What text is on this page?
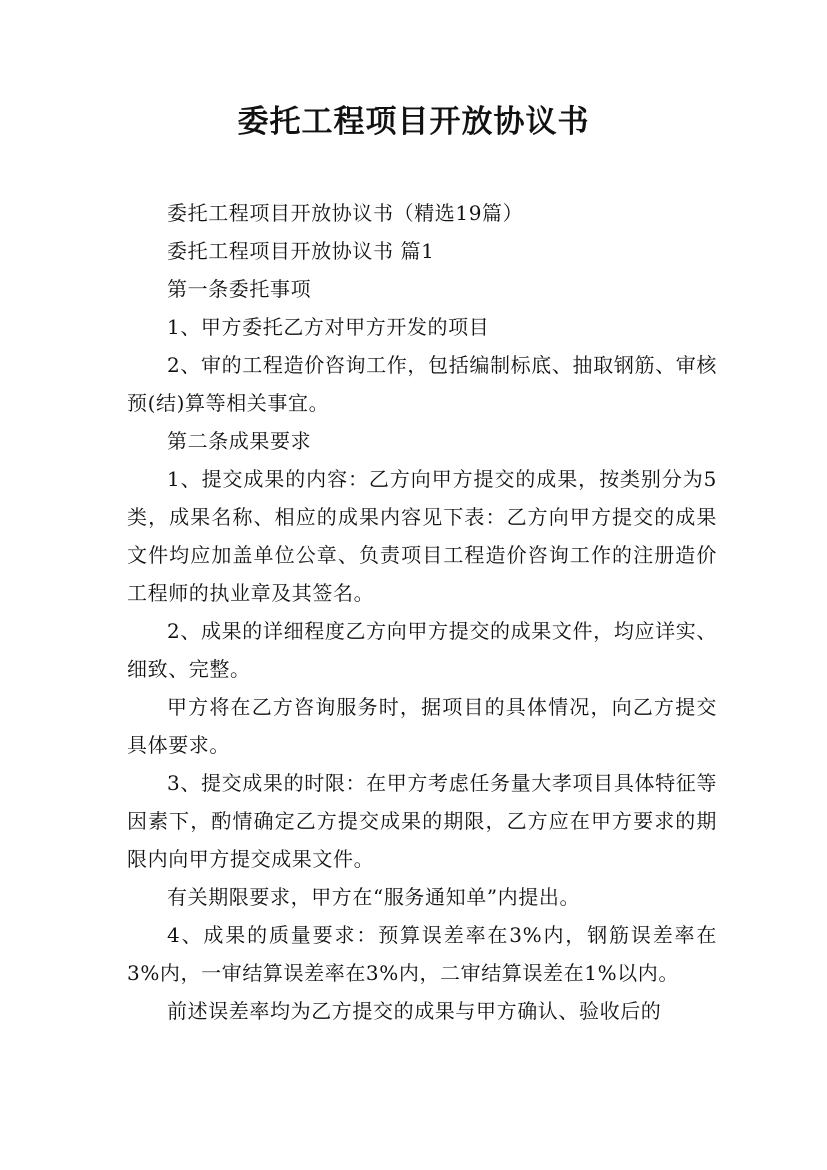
委托工程项目开放协议书

委托工程项目开放协议书（精选19篇）

委托工程项目开放协议书 篇1

第一条委托事项

1、甲方委托乙方对甲方开发的项目

2、审的工程造价咨询工作，包括编制标底、抽取钢筋、审核预(结)算等相关事宜。

第二条成果要求

1、提交成果的内容：乙方向甲方提交的成果，按类别分为5类，成果名称、相应的成果内容见下表：乙方向甲方提交的成果文件均应加盖单位公章、负责项目工程造价咨询工作的注册造价工程师的执业章及其签名。

2、成果的详细程度乙方向甲方提交的成果文件，均应详实、细致、完整。

甲方将在乙方咨询服务时，据项目的具体情况，向乙方提交具体要求。

3、提交成果的时限：在甲方考虑任务量大孝项目具体特征等因素下，酌情确定乙方提交成果的期限，乙方应在甲方要求的期限内向甲方提交成果文件。

有关期限要求，甲方在“服务通知单”内提出。

4、成果的质量要求：预算误差率在3%内，钢筋误差率在3%内，一审结算误差率在3%内，二审结算误差在1%以内。

前述误差率均为乙方提交的成果与甲方确认、验收后的
